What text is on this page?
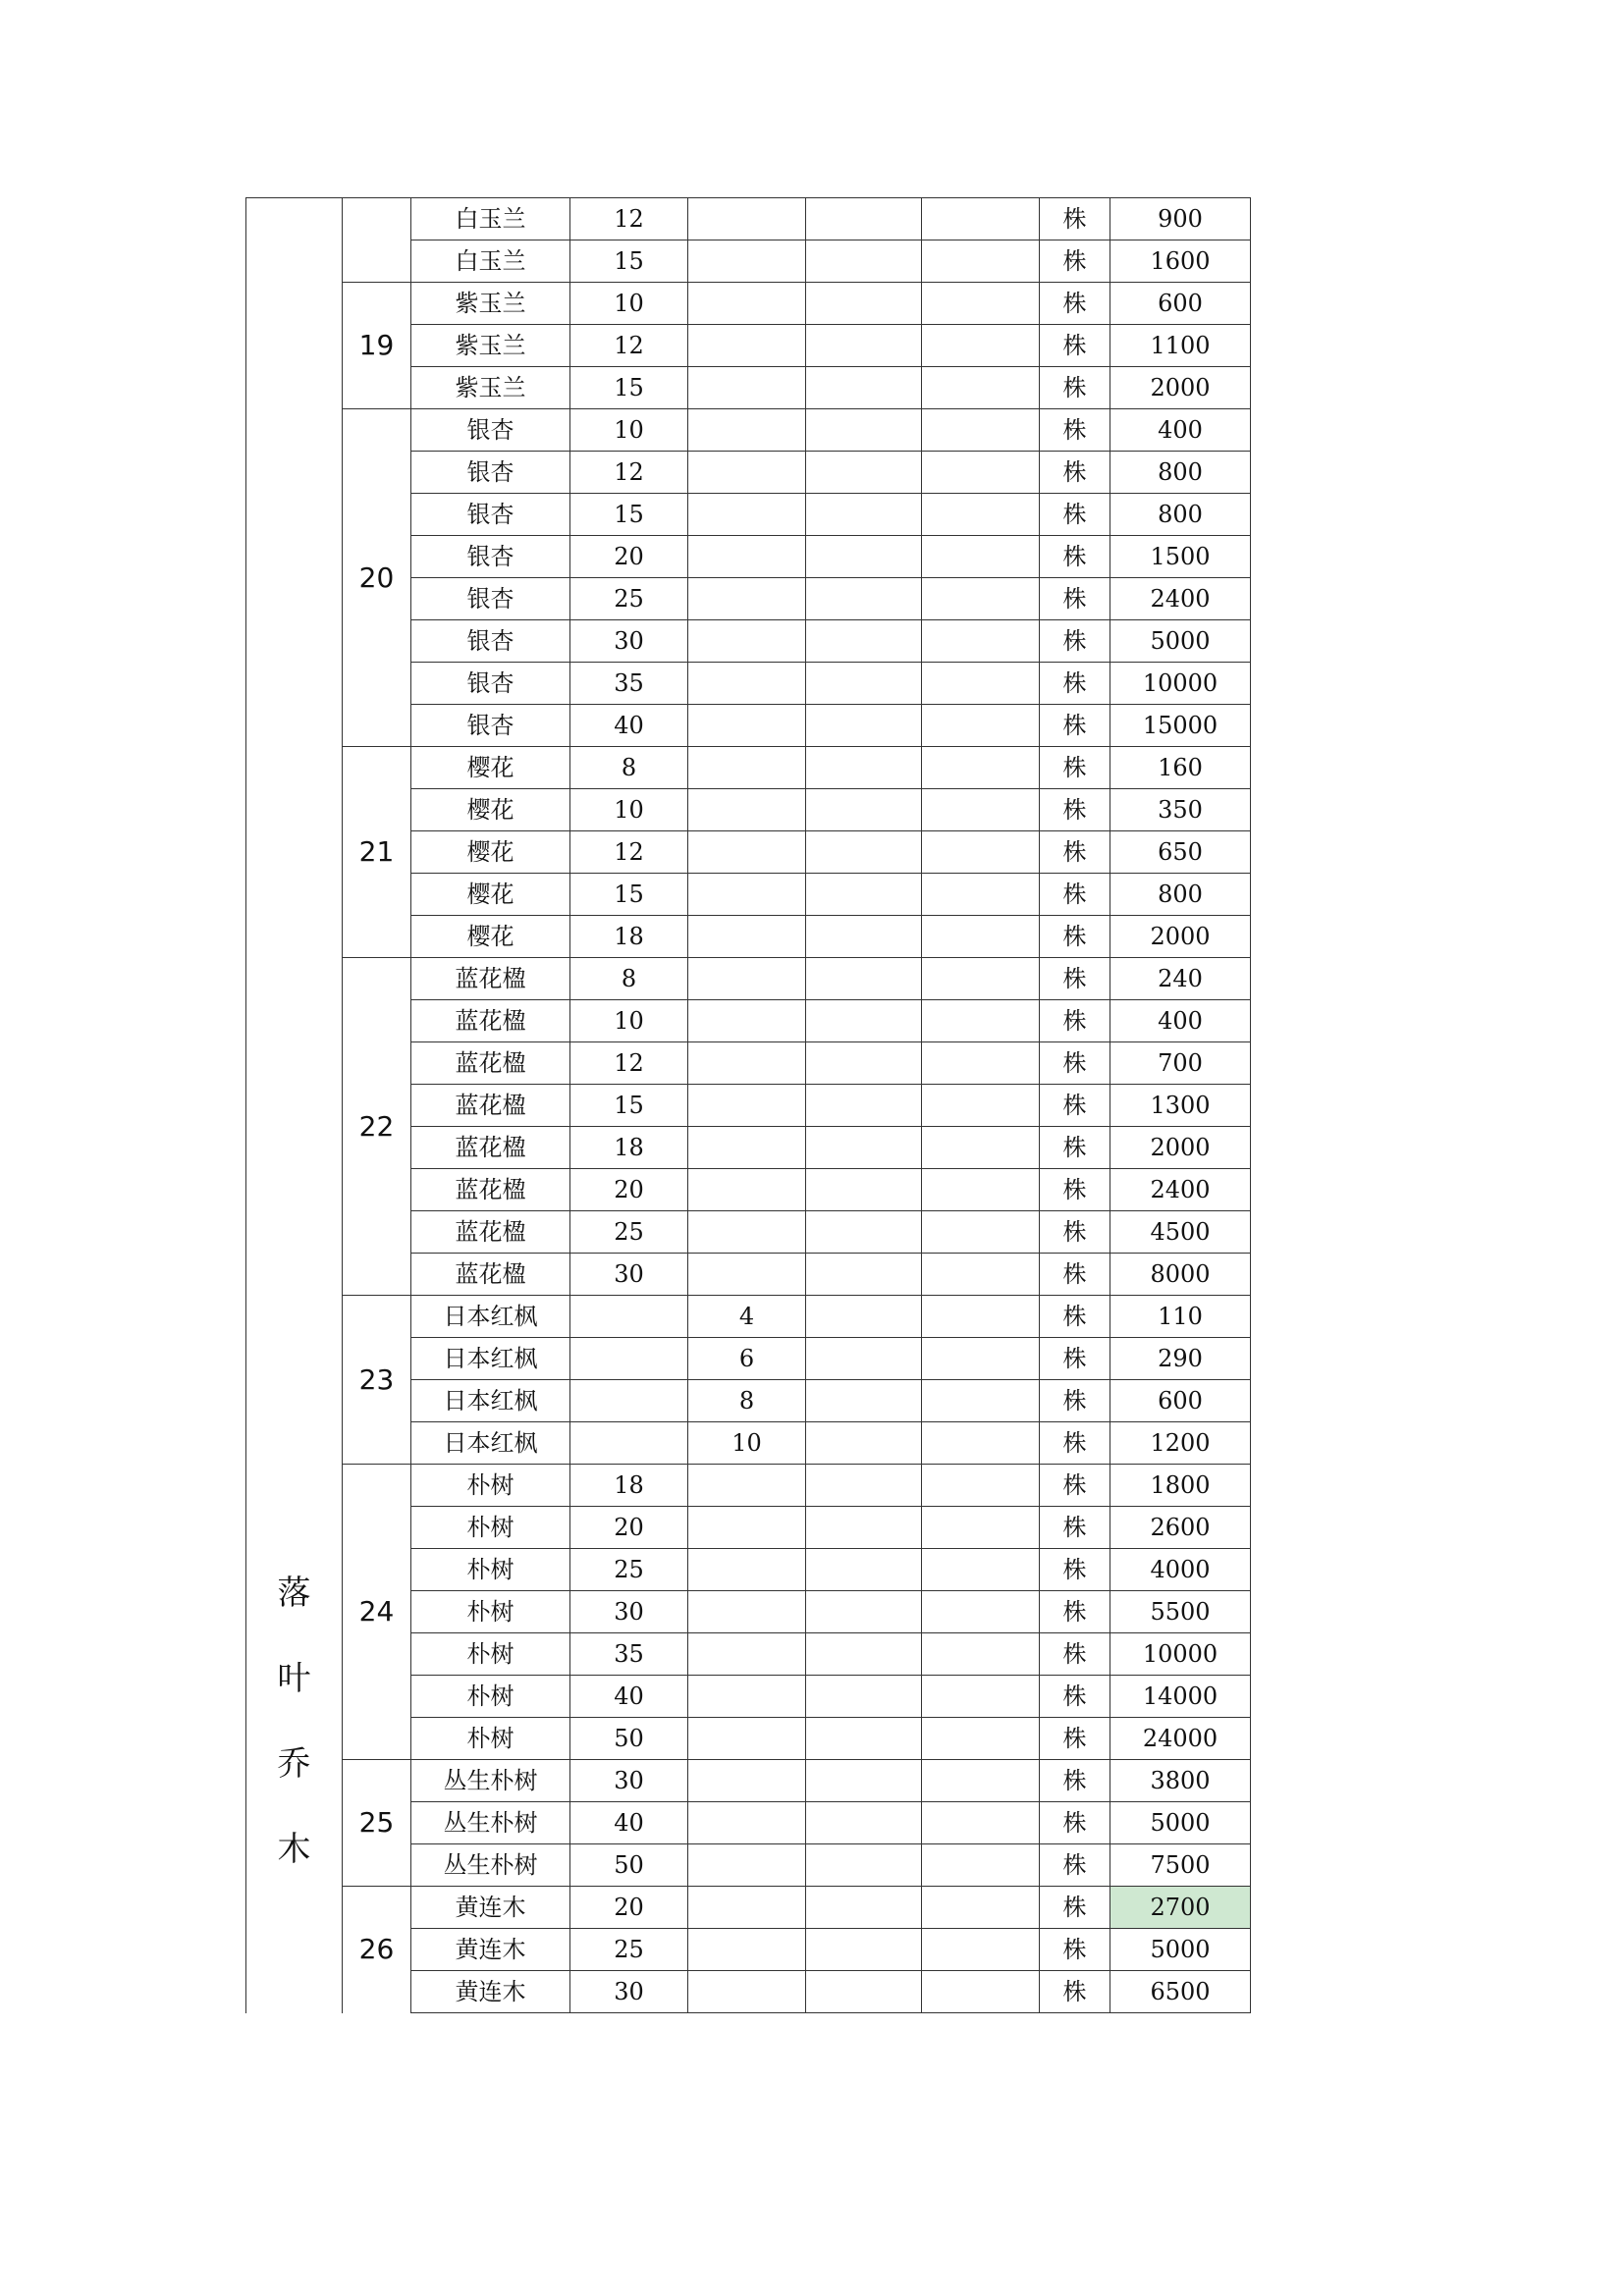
落
叶
乔
木		白玉兰	12				株	900
		白玉兰	15				株	1600
	19	紫玉兰	10				株	600
		紫玉兰	12				株	1100
		紫玉兰	15				株	2000
	20	银杏	10				株	400
		银杏	12				株	800
		银杏	15				株	800
		银杏	20				株	1500
		银杏	25				株	2400
		银杏	30				株	5000
		银杏	35				株	10000
		银杏	40				株	15000
	21	樱花	8				株	160
		樱花	10				株	350
		樱花	12				株	650
		樱花	15				株	800
		樱花	18				株	2000
	22	蓝花楹	8				株	240
		蓝花楹	10				株	400
		蓝花楹	12				株	700
		蓝花楹	15				株	1300
		蓝花楹	18				株	2000
		蓝花楹	20				株	2400
		蓝花楹	25				株	4500
		蓝花楹	30				株	8000
	23	日本红枫		4			株	110
		日本红枫		6			株	290
		日本红枫		8			株	600
		日本红枫		10			株	1200
	24	朴树	18				株	1800
		朴树	20				株	2600
		朴树	25				株	4000
		朴树	30				株	5500
		朴树	35				株	10000
		朴树	40				株	14000
		朴树	50				株	24000
	25	丛生朴树	30				株	3800
		丛生朴树	40				株	5000
		丛生朴树	50				株	7500
	26	黄连木	20				株	2700
		黄连木	25				株	5000
		黄连木	30				株	6500
